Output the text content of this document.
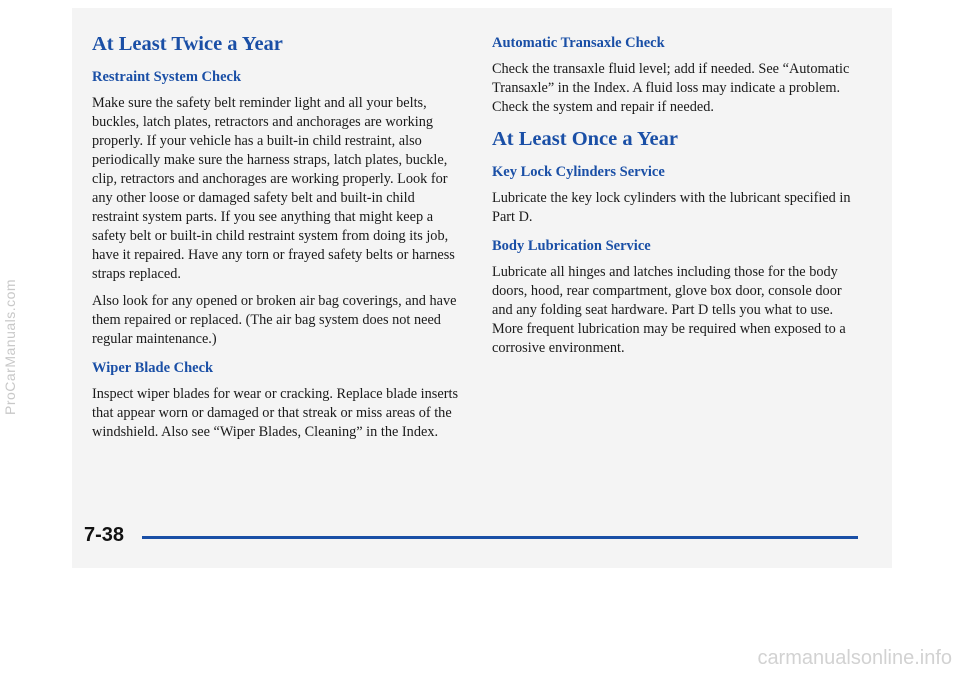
At Least Twice a Year
Restraint System Check

Make sure the safety belt reminder light and all your belts, buckles, latch plates, retractors and anchorages are working properly. If your vehicle has a built-in child restraint, also periodically make sure the harness straps, latch plates, buckle, clip, retractors and anchorages are working properly. Look for any other loose or damaged safety belt and built-in child restraint system parts. If you see anything that might keep a safety belt or built-in child restraint system from doing its job, have it repaired. Have any torn or frayed safety belts or harness straps replaced.

Also look for any opened or broken air bag coverings, and have them repaired or replaced. (The air bag system does not need regular maintenance.)

Wiper Blade Check

Inspect wiper blades for wear or cracking. Replace blade inserts that appear worn or damaged or that streak or miss areas of the windshield. Also see “Wiper Blades, Cleaning” in the Index.

Automatic Transaxle Check

Check the transaxle fluid level; add if needed. See “Automatic Transaxle” in the Index. A fluid loss may indicate a problem. Check the system and repair if needed.

At Least Once a Year
Key Lock Cylinders Service

Lubricate the key lock cylinders with the lubricant specified in Part D.

Body Lubrication Service

Lubricate all hinges and latches including those for the body doors, hood, rear compartment, glove box door, console door and any folding seat hardware. Part D tells you what to use. More frequent lubrication may be required when exposed to a corrosive environment.

7-38
ProCarManuals.com
carmanualsonline.info
